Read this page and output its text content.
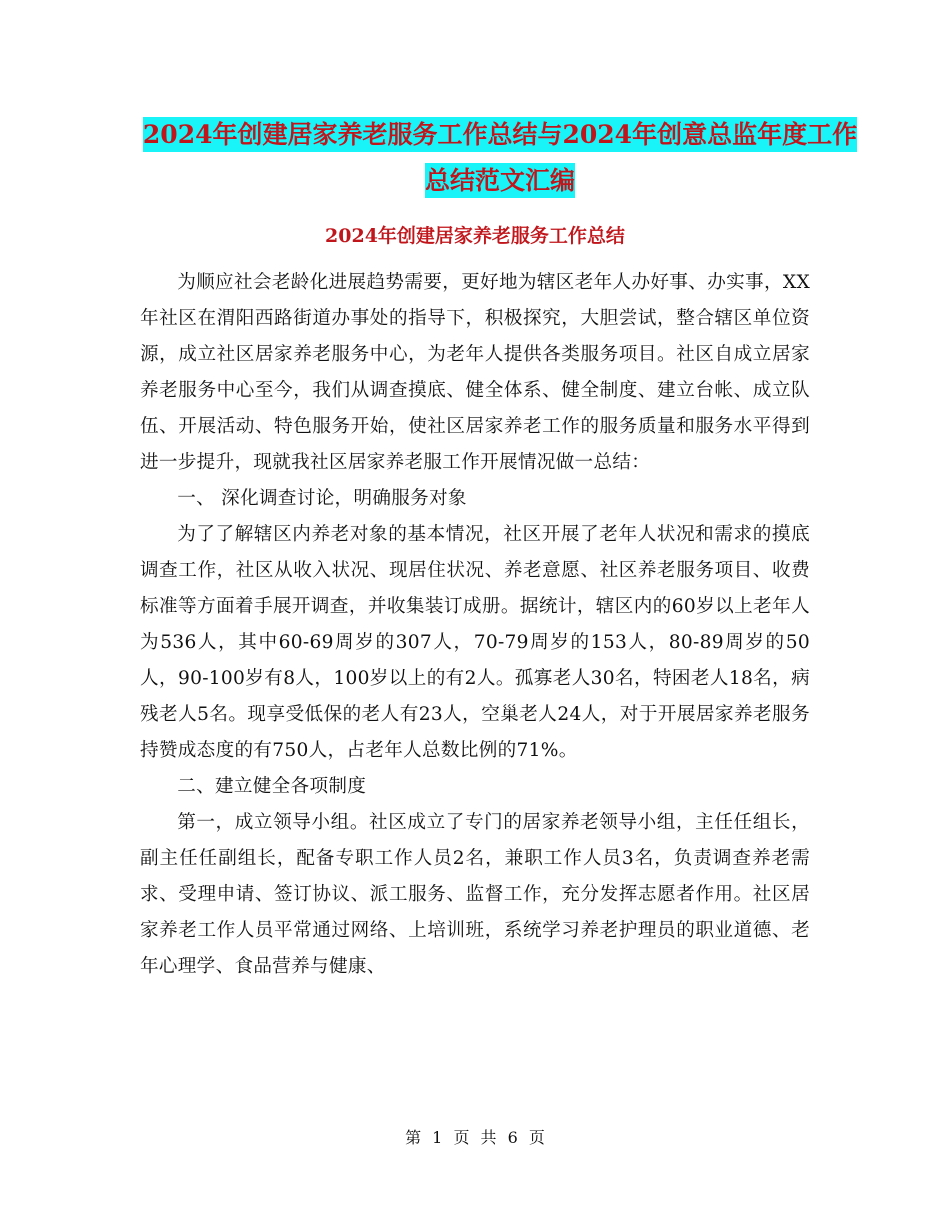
2024年创建居家养老服务工作总结与2024年创意总监年度工作总结范文汇编
2024年创建居家养老服务工作总结

为顺应社会老龄化进展趋势需要，更好地为辖区老年人办好事、办实事，XX年社区在渭阳西路街道办事处的指导下，积极探究，大胆尝试，整合辖区单位资源，成立社区居家养老服务中心，为老年人提供各类服务项目。社区自成立居家养老服务中心至今，我们从调查摸底、健全体系、健全制度、建立台帐、成立队伍、开展活动、特色服务开始，使社区居家养老工作的服务质量和服务水平得到进一步提升，现就我社区居家养老服工作开展情况做一总结：

一、 深化调查讨论，明确服务对象

为了了解辖区内养老对象的基本情况，社区开展了老年人状况和需求的摸底调查工作，社区从收入状况、现居住状况、养老意愿、社区养老服务项目、收费标准等方面着手展开调查，并收集装订成册。据统计，辖区内的60岁以上老年人为536人，其中60-69周岁的307人，70-79周岁的153人，80-89周岁的50人，90-100岁有8人，100岁以上的有2人。孤寡老人30名，特困老人18名，病残老人5名。现享受低保的老人有23人，空巢老人24人，对于开展居家养老服务持赞成态度的有750人，占老年人总数比例的71%。

二、建立健全各项制度

第一，成立领导小组。社区成立了专门的居家养老领导小组，主任任组长，副主任任副组长，配备专职工作人员2名，兼职工作人员3名，负责调查养老需求、受理申请、签订协议、派工服务、监督工作，充分发挥志愿者作用。社区居家养老工作人员平常通过网络、上培训班，系统学习养老护理员的职业道德、老年心理学、食品营养与健康、

第 1 页 共 6 页
